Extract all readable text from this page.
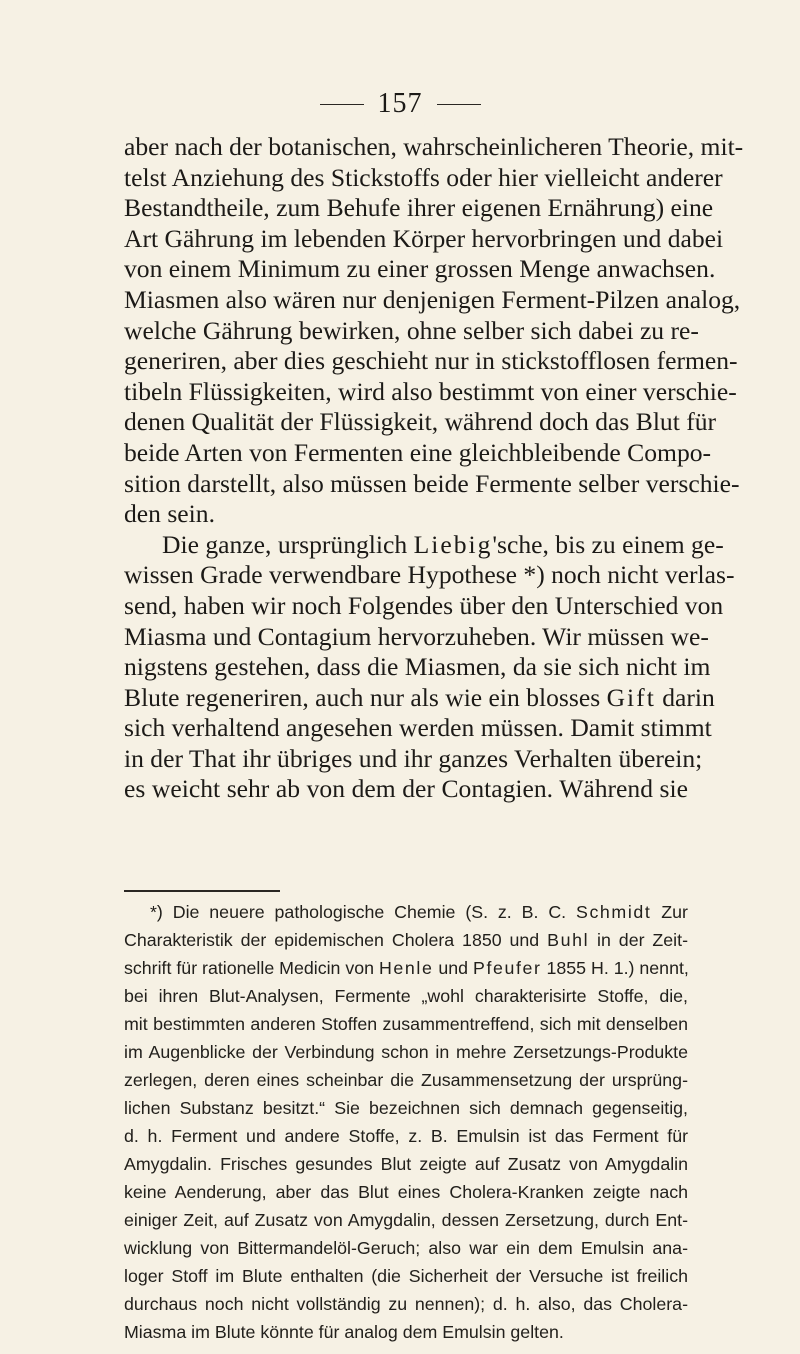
157
aber nach der botanischen, wahrscheinlicheren Theorie, mit-
telst Anziehung des Stickstoffs oder hier vielleicht anderer
Bestandtheile, zum Behufe ihrer eigenen Ernährung) eine
Art Gährung im lebenden Körper hervorbringen und dabei
von einem Minimum zu einer grossen Menge anwachsen.
Miasmen also wären nur denjenigen Ferment-Pilzen analog,
welche Gährung bewirken, ohne selber sich dabei zu re-
generiren, aber dies geschieht nur in stickstofflosen fermen-
tibeln Flüssigkeiten, wird also bestimmt von einer verschie-
denen Qualität der Flüssigkeit, während doch das Blut für
beide Arten von Fermenten eine gleichbleibende Compo-
sition darstellt, also müssen beide Fermente selber verschie-
den sein.
Die ganze, ursprünglich Liebig'sche, bis zu einem ge-
wissen Grade verwendbare Hypothese *) noch nicht verlas-
send, haben wir noch Folgendes über den Unterschied von
Miasma und Contagium hervorzuheben. Wir müssen we-
nigstens gestehen, dass die Miasmen, da sie sich nicht im
Blute regeneriren, auch nur als wie ein blosses Gift darin
sich verhaltend angesehen werden müssen. Damit stimmt
in der That ihr übriges und ihr ganzes Verhalten überein;
es weicht sehr ab von dem der Contagien. Während sie
*) Die neuere pathologische Chemie (S. z. B. C. Schmidt Zur
Charakteristik der epidemischen Cholera 1850 und Buhl in der Zeit-
schrift für rationelle Medicin von Henle und Pfeufer 1855 H. 1.) nennt,
bei ihren Blut-Analysen, Fermente „wohl charakterisirte Stoffe, die,
mit bestimmten anderen Stoffen zusammentreffend, sich mit denselben
im Augenblicke der Verbindung schon in mehre Zersetzungs-Produkte
zerlegen, deren eines scheinbar die Zusammensetzung der ursprüng-
lichen Substanz besitzt.“ Sie bezeichnen sich demnach gegenseitig,
d. h. Ferment und andere Stoffe, z. B. Emulsin ist das Ferment für
Amygdalin. Frisches gesundes Blut zeigte auf Zusatz von Amygdalin
keine Aenderung, aber das Blut eines Cholera-Kranken zeigte nach
einiger Zeit, auf Zusatz von Amygdalin, dessen Zersetzung, durch Ent-
wicklung von Bittermandelöl-Geruch; also war ein dem Emulsin ana-
loger Stoff im Blute enthalten (die Sicherheit der Versuche ist freilich
durchaus noch nicht vollständig zu nennen); d. h. also, das Cholera-
Miasma im Blute könnte für analog dem Emulsin gelten.
